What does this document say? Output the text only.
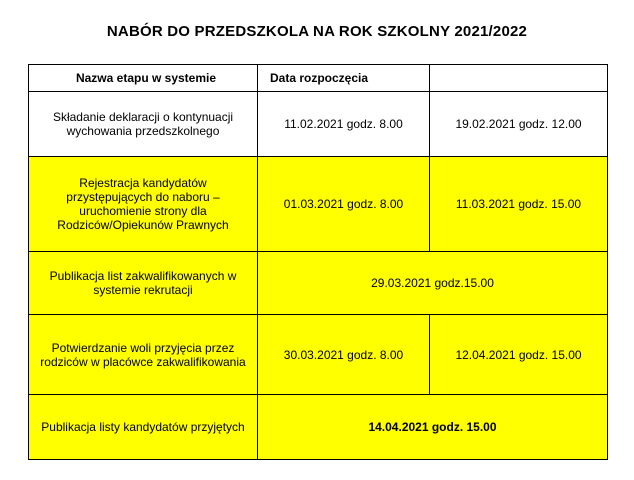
NABÓR DO PRZEDSZKOLA NA ROK SZKOLNY 2021/2022
Nazwa etapu w systemie	Data rozpoczęcia	
Składanie deklaracji o kontynuacji wychowania przedszkolnego	11.02.2021 godz. 8.00	19.02.2021 godz. 12.00
Rejestracja kandydatów przystępujących do naboru – uruchomienie strony dla Rodziców/Opiekunów Prawnych	01.03.2021 godz. 8.00	11.03.2021 godz. 15.00
Publikacja list zakwalifikowanych w systemie rekrutacji	29.03.2021 godz.15.00	
Potwierdzanie woli przyjęcia przez rodziców w placówce zakwalifikowania	30.03.2021 godz. 8.00	12.04.2021 godz. 15.00
Publikacja listy kandydatów przyjętych	14.04.2021 godz. 15.00	
